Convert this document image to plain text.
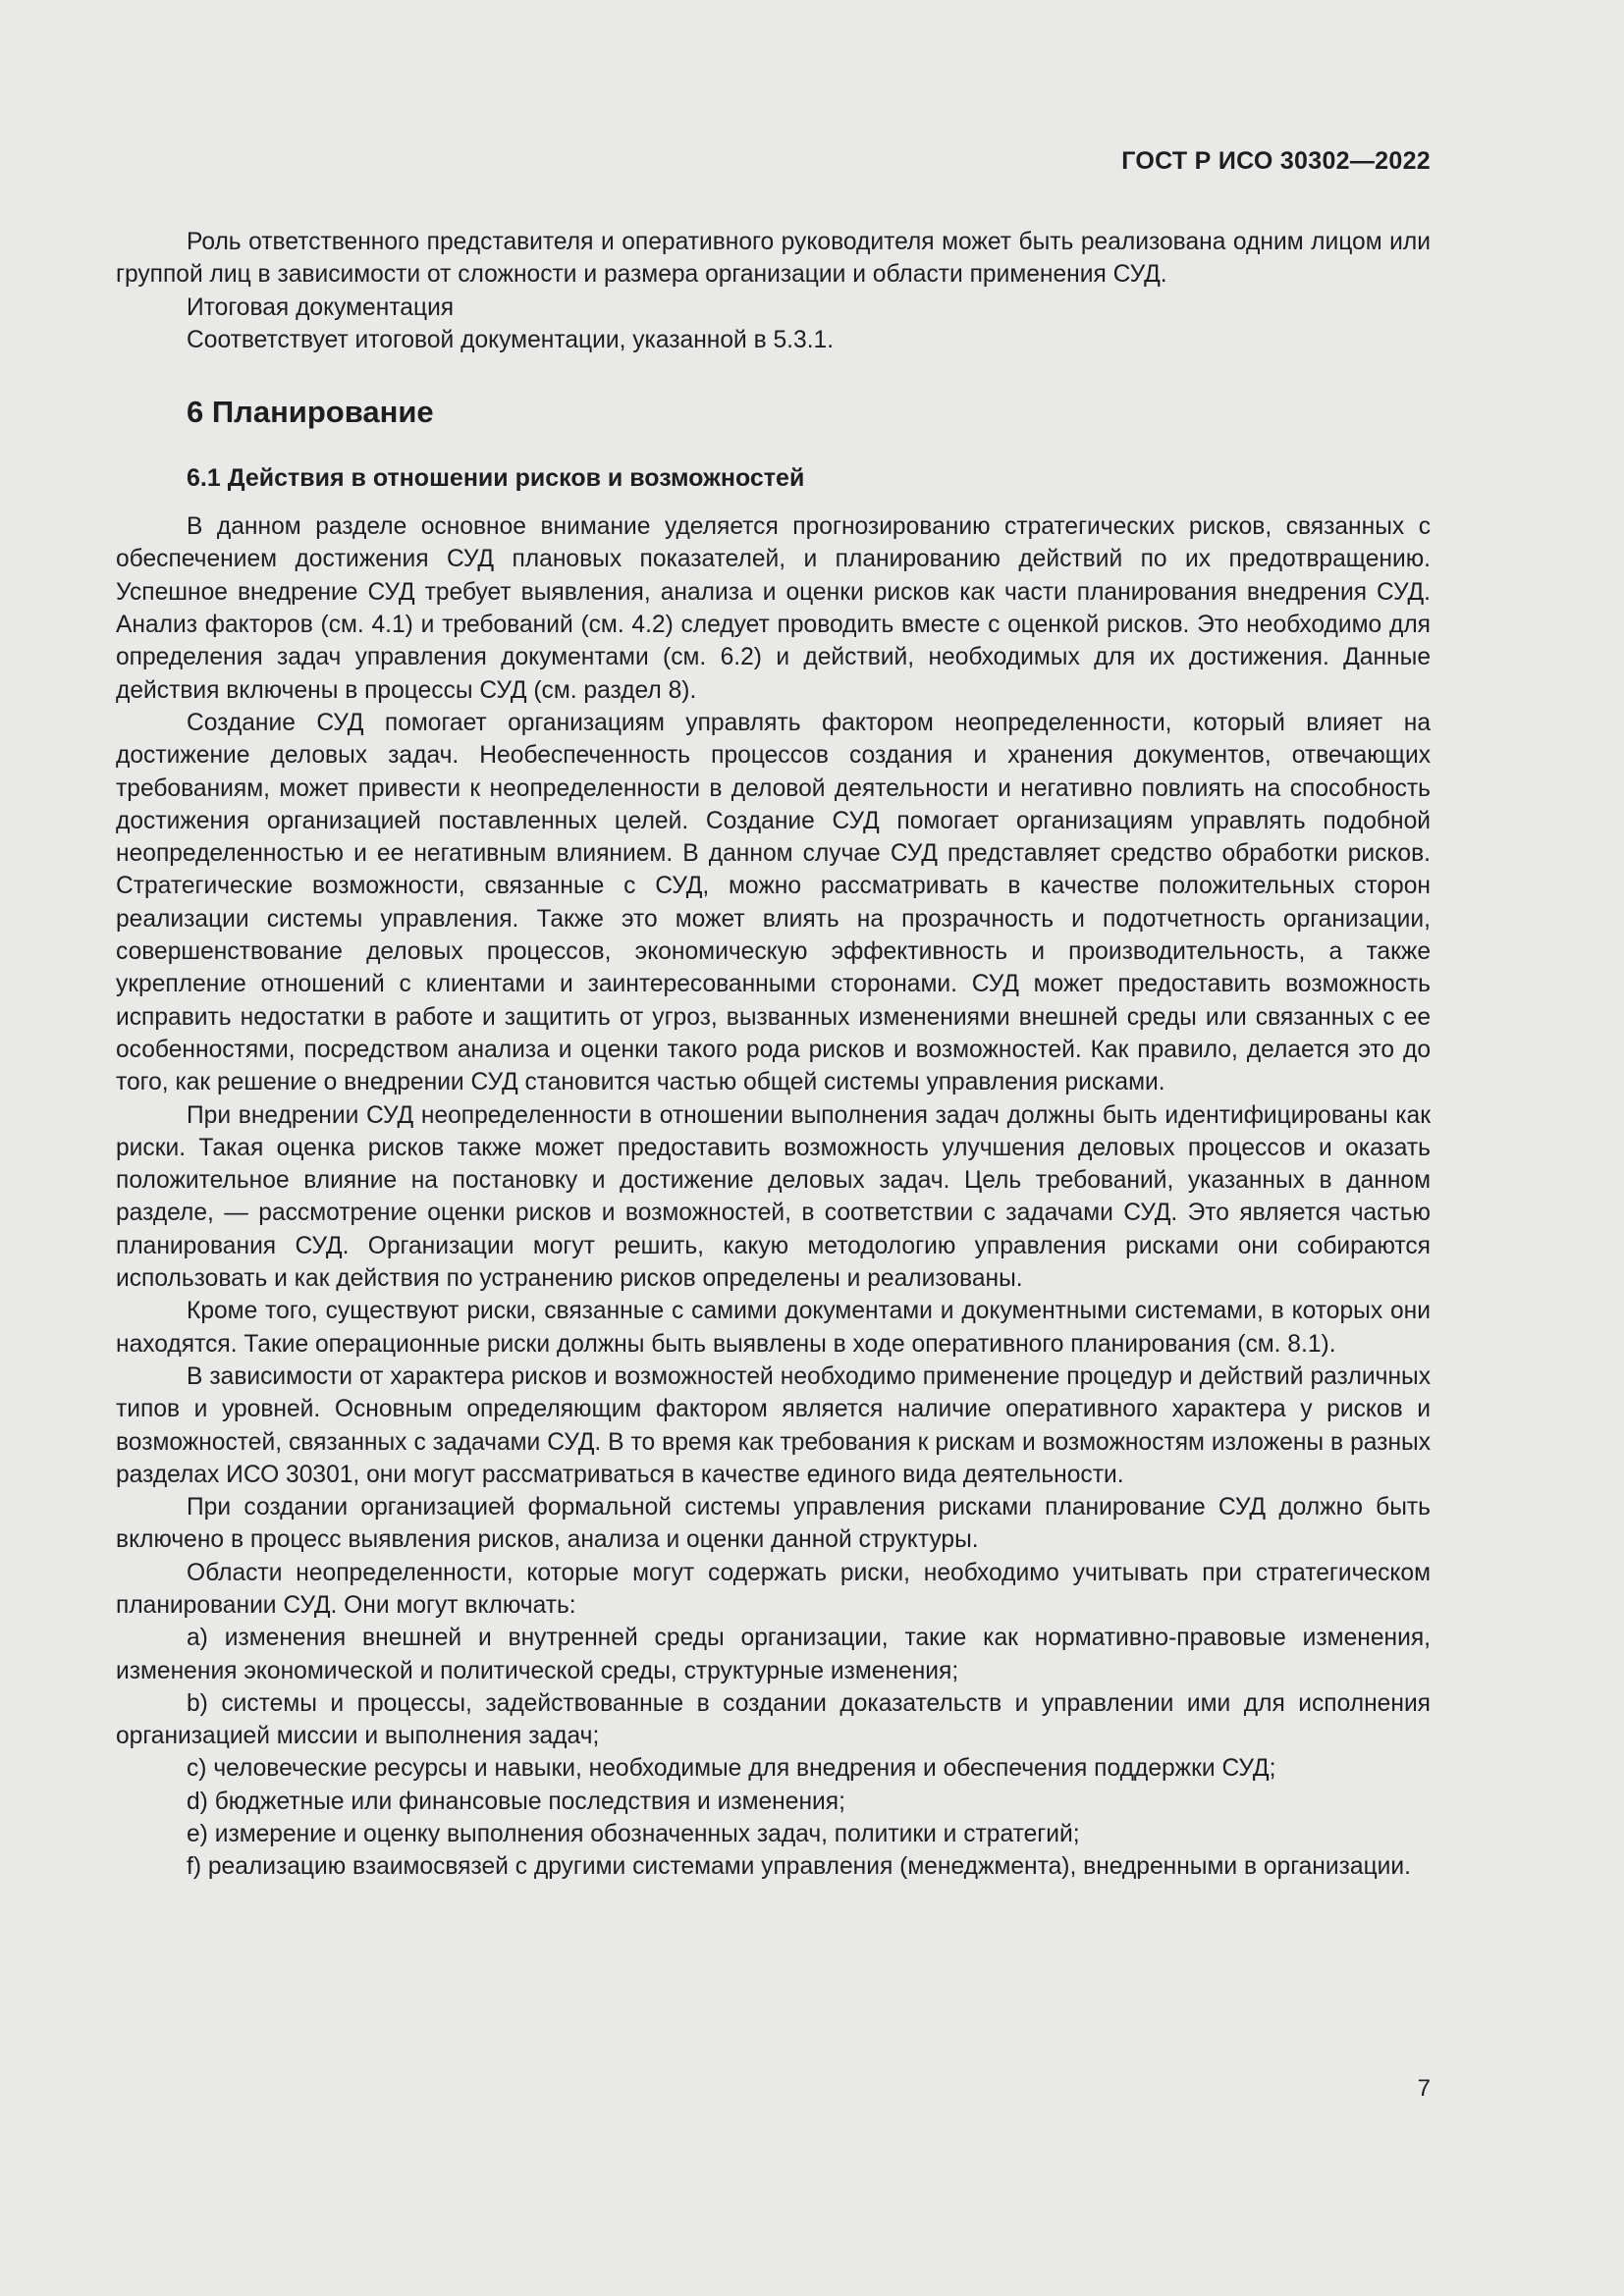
ГОСТ Р ИСО 30302—2022

Роль ответственного представителя и оперативного руководителя может быть реализована одним лицом или группой лиц в зависимости от сложности и размера организации и области применения СУД.

Итоговая документация

Соответствует итоговой документации, указанной в 5.3.1.

6 Планирование
6.1 Действия в отношении рисков и возможностей

В данном разделе основное внимание уделяется прогнозированию стратегических рисков, связанных с обеспечением достижения СУД плановых показателей, и планированию действий по их предотвращению. Успешное внедрение СУД требует выявления, анализа и оценки рисков как части планирования внедрения СУД. Анализ факторов (см. 4.1) и требований (см. 4.2) следует проводить вместе с оценкой рисков. Это необходимо для определения задач управления документами (см. 6.2) и действий, необходимых для их достижения. Данные действия включены в процессы СУД (см. раздел 8).

Создание СУД помогает организациям управлять фактором неопределенности, который влияет на достижение деловых задач. Необеспеченность процессов создания и хранения документов, отвечающих требованиям, может привести к неопределенности в деловой деятельности и негативно повлиять на способность достижения организацией поставленных целей. Создание СУД помогает организациям управлять подобной неопределенностью и ее негативным влиянием. В данном случае СУД представляет средство обработки рисков. Стратегические возможности, связанные с СУД, можно рассматривать в качестве положительных сторон реализации системы управления. Также это может влиять на прозрачность и подотчетность организации, совершенствование деловых процессов, экономическую эффективность и производительность, а также укрепление отношений с клиентами и заинтересованными сторонами. СУД может предоставить возможность исправить недостатки в работе и защитить от угроз, вызванных изменениями внешней среды или связанных с ее особенностями, посредством анализа и оценки такого рода рисков и возможностей. Как правило, делается это до того, как решение о внедрении СУД становится частью общей системы управления рисками.

При внедрении СУД неопределенности в отношении выполнения задач должны быть идентифицированы как риски. Такая оценка рисков также может предоставить возможность улучшения деловых процессов и оказать положительное влияние на постановку и достижение деловых задач. Цель требований, указанных в данном разделе, — рассмотрение оценки рисков и возможностей, в соответствии с задачами СУД. Это является частью планирования СУД. Организации могут решить, какую методологию управления рисками они собираются использовать и как действия по устранению рисков определены и реализованы.

Кроме того, существуют риски, связанные с самими документами и документными системами, в которых они находятся. Такие операционные риски должны быть выявлены в ходе оперативного планирования (см. 8.1).

В зависимости от характера рисков и возможностей необходимо применение процедур и действий различных типов и уровней. Основным определяющим фактором является наличие оперативного характера у рисков и возможностей, связанных с задачами СУД. В то время как требования к рискам и возможностям изложены в разных разделах ИСО 30301, они могут рассматриваться в качестве единого вида деятельности.

При создании организацией формальной системы управления рисками планирование СУД должно быть включено в процесс выявления рисков, анализа и оценки данной структуры.

Области неопределенности, которые могут содержать риски, необходимо учитывать при стратегическом планировании СУД. Они могут включать:

a) изменения внешней и внутренней среды организации, такие как нормативно-правовые изменения, изменения экономической и политической среды, структурные изменения;

b) системы и процессы, задействованные в создании доказательств и управлении ими для исполнения организацией миссии и выполнения задач;

c) человеческие ресурсы и навыки, необходимые для внедрения и обеспечения поддержки СУД;

d) бюджетные или финансовые последствия и изменения;

e) измерение и оценку выполнения обозначенных задач, политики и стратегий;

f) реализацию взаимосвязей с другими системами управления (менеджмента), внедренными в организации.

7
